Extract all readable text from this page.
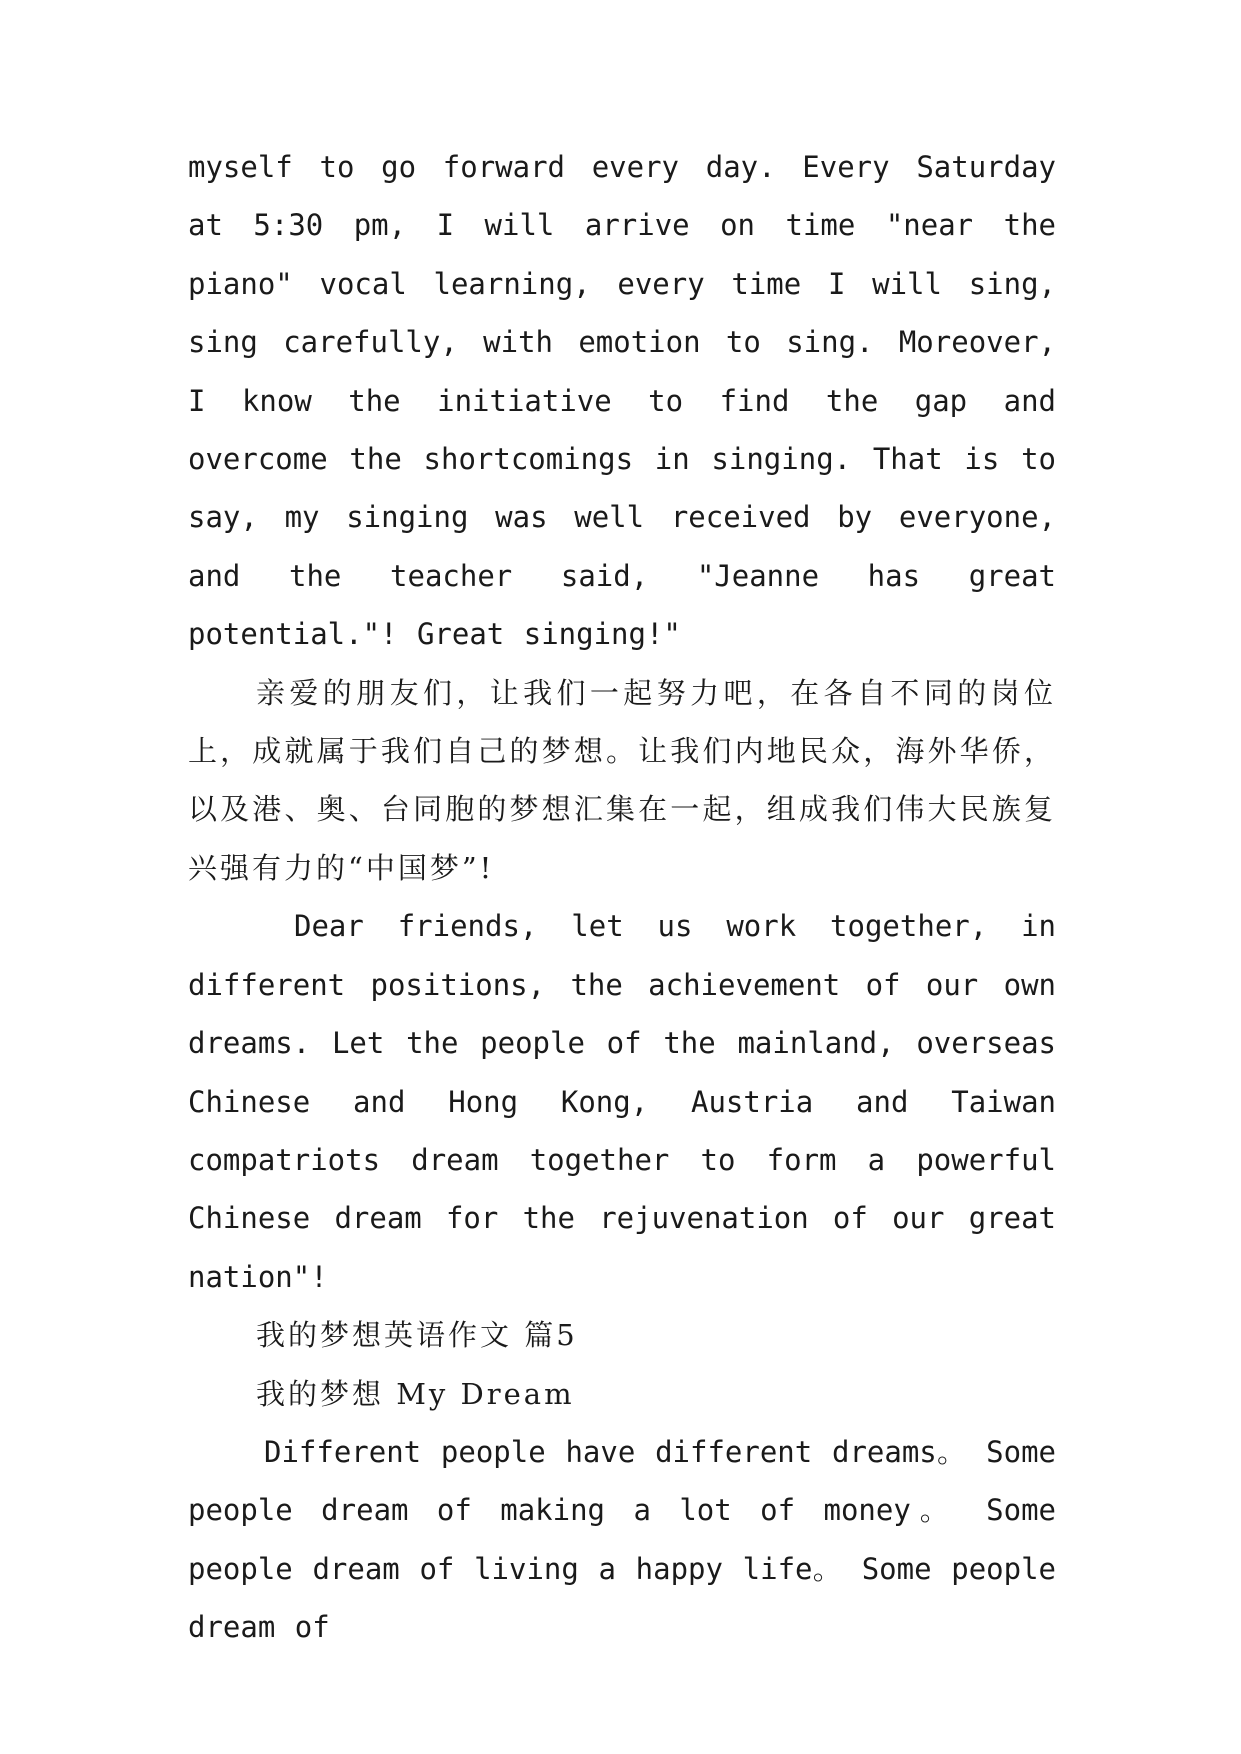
myself to go forward every day. Every Saturday at 5:30 pm, I will arrive on time "near the piano" vocal learning, every time I will sing, sing carefully, with emotion to sing. Moreover, I know the initiative to find the gap and overcome the shortcomings in singing. That is to say, my singing was well received by everyone, and the teacher said, "Jeanne has great potential."! Great singing!"

亲爱的朋友们，让我们一起努力吧，在各自不同的岗位上，成就属于我们自己的梦想。让我们内地民众，海外华侨，以及港、奥、台同胞的梦想汇集在一起，组成我们伟大民族复兴强有力的“中国梦”!

Dear friends, let us work together, in different positions, the achievement of our own dreams. Let the people of the mainland, overseas Chinese and Hong Kong, Austria and Taiwan compatriots dream together to form a powerful Chinese dream for the rejuvenation of our great nation"!

我的梦想英语作文 篇5

我的梦想 My Dream

Different people have different dreams。 Some people dream of making a lot of money。 Some people dream of living a happy life。 Some people dream of
